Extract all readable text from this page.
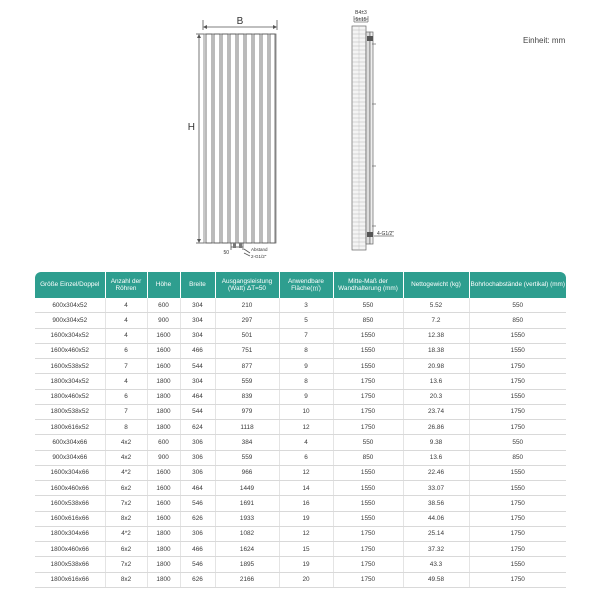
B
H
50
Abstand
2-G1/2"
B4±3
5±15
4-G1/2"
Einheit: mm
Größe Einzel/Doppel	Anzahl der Röhren	Höhe	Breite	Ausgangsleistung (Watt) ΔT=50	Anwendbare Fläche(㎡)	Mitte-Maß der Wandhalterung (mm)	Nettogewicht (kg)	Bohrlochabstände (vertikal) (mm)
600x304x52	4	600	304	210	3	550	5.52	550
900x304x52	4	900	304	297	5	850	7.2	850
1600x304x52	4	1600	304	501	7	1550	12.38	1550
1600x460x52	6	1600	466	751	8	1550	18.38	1550
1600x538x52	7	1600	544	877	9	1550	20.98	1750
1800x304x52	4	1800	304	559	8	1750	13.6	1750
1800x460x52	6	1800	464	839	9	1750	20.3	1550
1800x538x52	7	1800	544	979	10	1750	23.74	1750
1800x616x52	8	1800	624	1118	12	1750	26.86	1750
600x304x66	4x2	600	306	384	4	550	9.38	550
900x304x66	4x2	900	306	559	6	850	13.6	850
1600x304x66	4*2	1600	306	966	12	1550	22.46	1550
1600x460x66	6x2	1600	464	1449	14	1550	33.07	1550
1600x538x66	7x2	1600	546	1691	16	1550	38.56	1750
1600x616x66	8x2	1600	626	1933	19	1550	44.06	1750
1800x304x66	4*2	1800	306	1082	12	1750	25.14	1750
1800x460x66	6x2	1800	466	1624	15	1750	37.32	1750
1800x538x66	7x2	1800	546	1895	19	1750	43.3	1550
1800x616x66	8x2	1800	626	2166	20	1750	49.58	1750
